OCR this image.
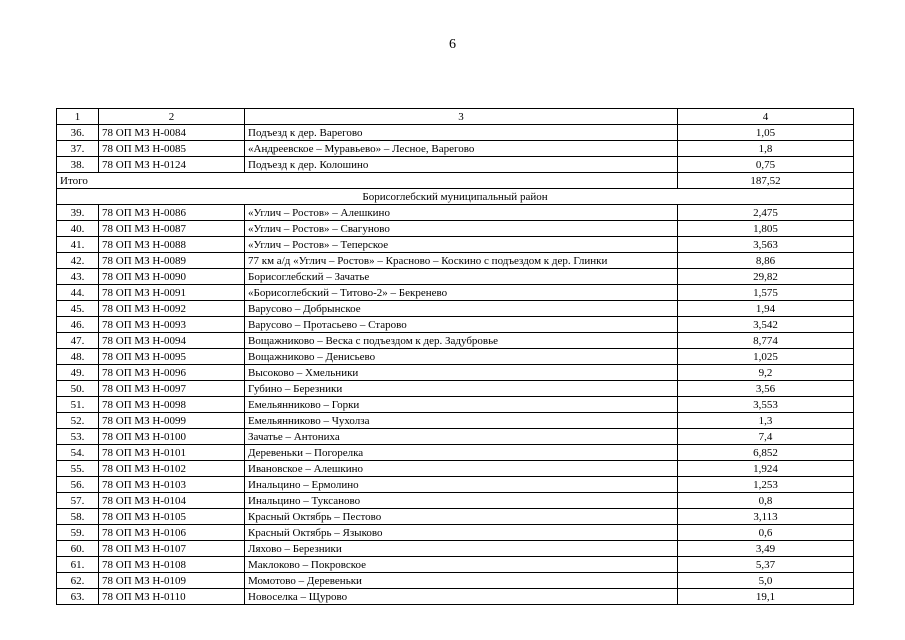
6
1	2	3	4
36.	78 ОП МЗ Н-0084	Подъезд к дер. Варегово	1,05
37.	78 ОП МЗ Н-0085	«Андреевское – Муравьево» – Лесное, Варегово	1,8
38.	78 ОП МЗ Н-0124	Подъезд к дер. Колошино	0,75
Итого			187,52
Борисоглебский муниципальный район			
39.	78 ОП МЗ Н-0086	«Углич – Ростов» – Алешкино	2,475
40.	78 ОП МЗ Н-0087	«Углич – Ростов» – Свагуново	1,805
41.	78 ОП МЗ Н-0088	«Углич – Ростов» – Теперское	3,563
42.	78 ОП МЗ Н-0089	77 км а/д «Углич – Ростов» – Красново – Коскино с подъездом к дер. Глинки	8,86
43.	78 ОП МЗ Н-0090	Борисоглебский – Зачатье	29,82
44.	78 ОП МЗ Н-0091	«Борисоглебский – Титово-2» – Бекренево	1,575
45.	78 ОП МЗ Н-0092	Варусово – Добрынское	1,94
46.	78 ОП МЗ Н-0093	Варусово – Протасьево – Старово	3,542
47.	78 ОП МЗ Н-0094	Вощажниково – Веска с подъездом к дер. Задубровье	8,774
48.	78 ОП МЗ Н-0095	Вощажниково – Денисьево	1,025
49.	78 ОП МЗ Н-0096	Высоково – Хмельники	9,2
50.	78 ОП МЗ Н-0097	Губино – Березники	3,56
51.	78 ОП МЗ Н-0098	Емельянниково – Горки	3,553
52.	78 ОП МЗ Н-0099	Емельянниково – Чухолза	1,3
53.	78 ОП МЗ Н-0100	Зачатье – Антониха	7,4
54.	78 ОП МЗ Н-0101	Деревеньки – Погорелка	6,852
55.	78 ОП МЗ Н-0102	Ивановское – Алешкино	1,924
56.	78 ОП МЗ Н-0103	Инальцино – Ермолино	1,253
57.	78 ОП МЗ Н-0104	Инальцино – Туксаново	0,8
58.	78 ОП МЗ Н-0105	Красный Октябрь – Пестово	3,113
59.	78 ОП МЗ Н-0106	Красный Октябрь – Языково	0,6
60.	78 ОП МЗ Н-0107	Ляхово – Березники	3,49
61.	78 ОП МЗ Н-0108	Маклоково – Покровское	5,37
62.	78 ОП МЗ Н-0109	Момотово – Деревеньки	5,0
63.	78 ОП МЗ Н-0110	Новоселка – Щурово	19,1
